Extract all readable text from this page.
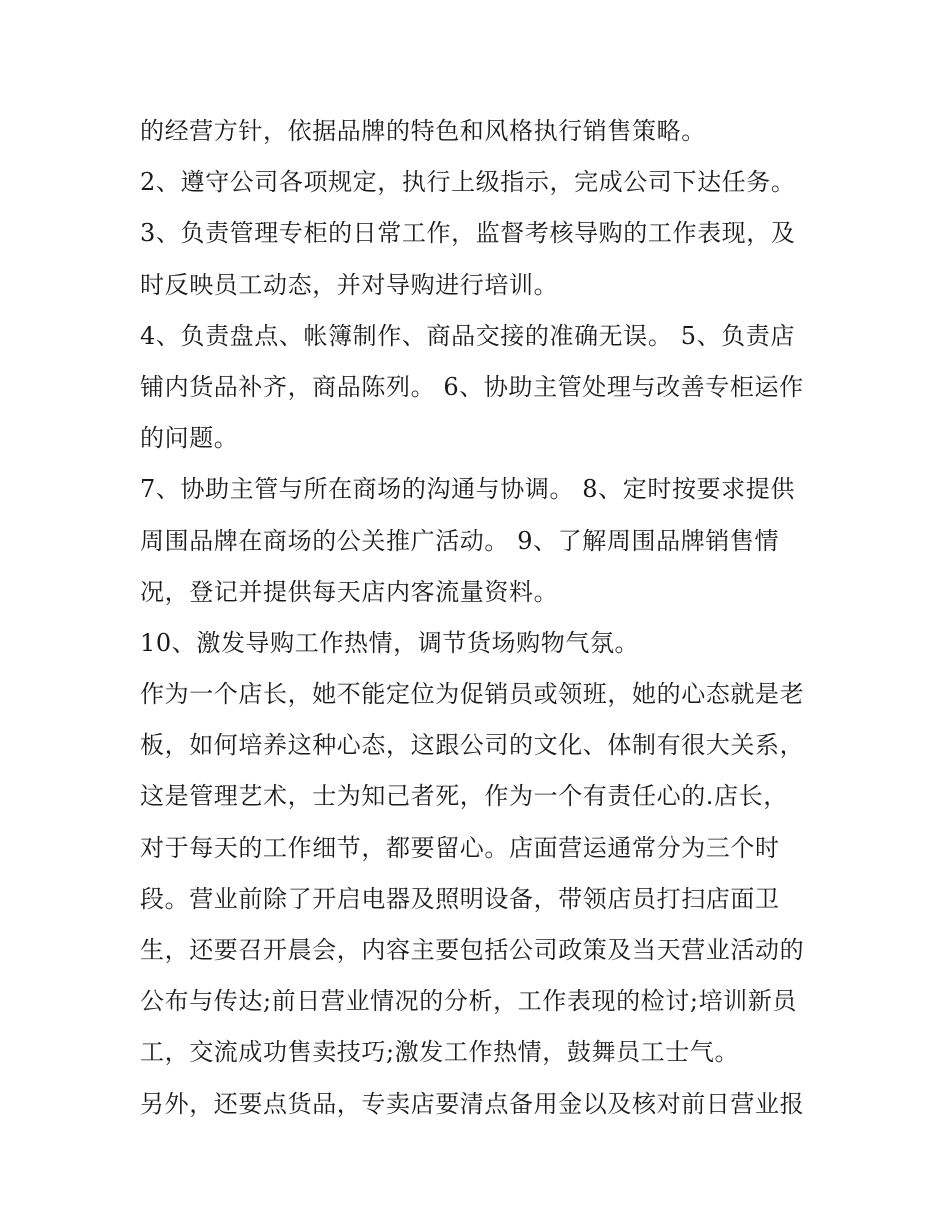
的经营方针，依据品牌的特色和风格执行销售策略。
2、遵守公司各项规定，执行上级指示，完成公司下达任务。
3、负责管理专柜的日常工作，监督考核导购的工作表现，及
时反映员工动态，并对导购进行培训。
4、负责盘点、帐簿制作、商品交接的准确无误。 5、负责店
铺内货品补齐，商品陈列。 6、协助主管处理与改善专柜运作
的问题。
7、协助主管与所在商场的沟通与协调。 8、定时按要求提供
周围品牌在商场的公关推广活动。 9、了解周围品牌销售情
况，登记并提供每天店内客流量资料。
10、激发导购工作热情，调节货场购物气氛。
作为一个店长，她不能定位为促销员或领班，她的心态就是老
板，如何培养这种心态，这跟公司的文化、体制有很大关系，
这是管理艺术，士为知己者死，作为一个有责任心的.店长，
对于每天的工作细节，都要留心。店面营运通常分为三个时
段。营业前除了开启电器及照明设备，带领店员打扫店面卫
生，还要召开晨会，内容主要包括公司政策及当天营业活动的
公布与传达;前日营业情况的分析，工作表现的检讨;培训新员
工，交流成功售卖技巧;激发工作热情，鼓舞员工士气。
另外，还要点货品，专卖店要清点备用金以及核对前日营业报
